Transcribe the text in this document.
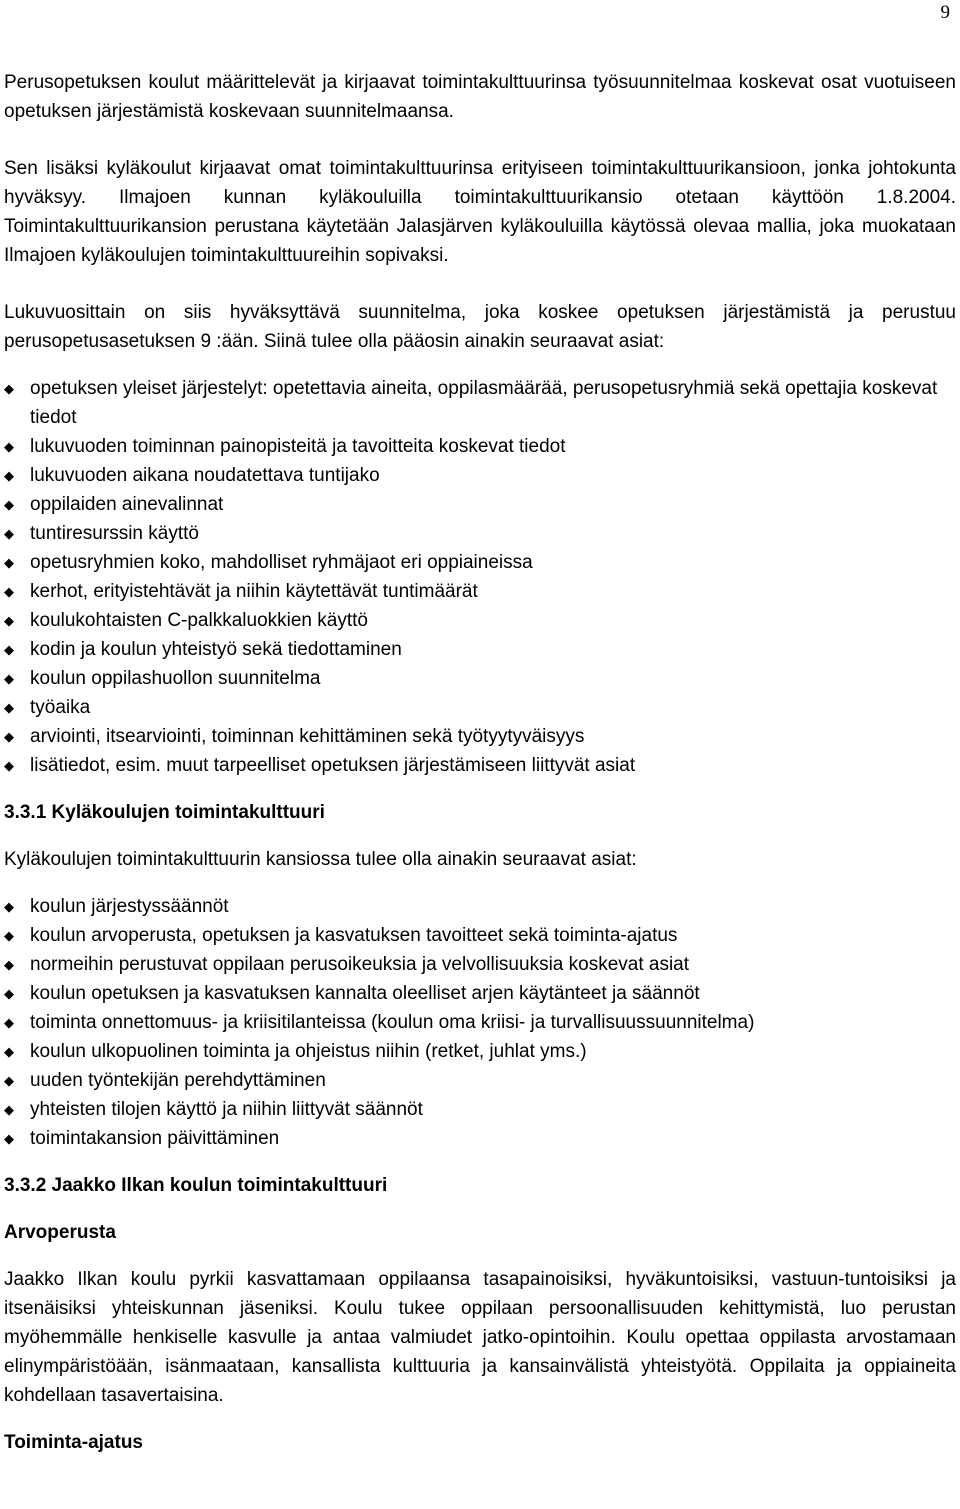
9

Perusopetuksen koulut määrittelevät ja kirjaavat toimintakulttuurinsa työsuunnitelmaa koskevat osat vuotuiseen opetuksen järjestämistä koskevaan suunnitelmaansa.

Sen lisäksi kyläkoulut kirjaavat omat toimintakulttuurinsa erityiseen toimintakulttuurikansioon, jonka johtokunta hyväksyy. Ilmajoen kunnan kyläkouluilla toimintakulttuurikansio otetaan käyttöön 1.8.2004. Toimintakulttuurikansion perustana käytetään Jalasjärven kyläkouluilla käytössä olevaa mallia, joka muokataan Ilmajoen kyläkoulujen toimintakulttuureihin sopivaksi.

Lukuvuosittain on siis hyväksyttävä suunnitelma, joka koskee opetuksen järjestämistä ja perustuu perusopetusasetuksen 9 :ään. Siinä tulee olla pääosin ainakin seuraavat asiat:

◆ opetuksen yleiset järjestelyt: opetettavia aineita, oppilasmäärää, perusopetusryhmiä sekä opettajia koskevat tiedot
◆ lukuvuoden toiminnan painopisteitä ja tavoitteita koskevat tiedot
◆ lukuvuoden aikana noudatettava tuntijako
◆ oppilaiden ainevalinnat
◆ tuntiresurssin käyttö
◆ opetusryhmien koko, mahdolliset ryhmäjaot eri oppiaineissa
◆ kerhot, erityistehtävät ja niihin käytettävät tuntimäärät
◆ koulukohtaisten C-palkkaluokkien käyttö
◆ kodin ja koulun yhteistyö sekä tiedottaminen
◆ koulun oppilashuollon suunnitelma
◆ työaika
◆ arviointi, itsearviointi, toiminnan kehittäminen sekä työtyytyväisyys
◆ lisätiedot, esim. muut tarpeelliset opetuksen järjestämiseen liittyvät asiat
3.3.1 Kyläkoulujen toimintakulttuuri

Kyläkoulujen toimintakulttuurin kansiossa tulee olla ainakin seuraavat asiat:

◆ koulun järjestyssäännöt
◆ koulun arvoperusta, opetuksen ja kasvatuksen tavoitteet sekä toiminta-ajatus
◆ normeihin perustuvat oppilaan perusoikeuksia ja velvollisuuksia koskevat asiat
◆ koulun opetuksen ja kasvatuksen kannalta oleelliset arjen käytänteet ja säännöt
◆ toiminta onnettomuus- ja kriisitilanteissa (koulun oma kriisi- ja turvallisuussuunnitelma)
◆ koulun ulkopuolinen toiminta ja ohjeistus niihin (retket, juhlat yms.)
◆ uuden työntekijän perehdyttäminen
◆ yhteisten tilojen käyttö ja niihin liittyvät säännöt
◆ toimintakansion päivittäminen
3.3.2 Jaakko Ilkan koulun toimintakulttuuri
Arvoperusta

Jaakko Ilkan koulu pyrkii kasvattamaan oppilaansa tasapainoisiksi, hyväkuntoisiksi, vastuun-tuntoisiksi ja itsenäisiksi yhteiskunnan jäseniksi. Koulu tukee oppilaan persoonallisuuden kehittymistä, luo perustan myöhemmälle henkiselle kasvulle ja antaa valmiudet jatko-opintoihin. Koulu opettaa oppilasta arvostamaan elinympäristöään, isänmaataan, kansallista kulttuuria ja kansainvälistä yhteistyötä. Oppilaita ja oppiaineita kohdellaan tasavertaisina.

Toiminta-ajatus
